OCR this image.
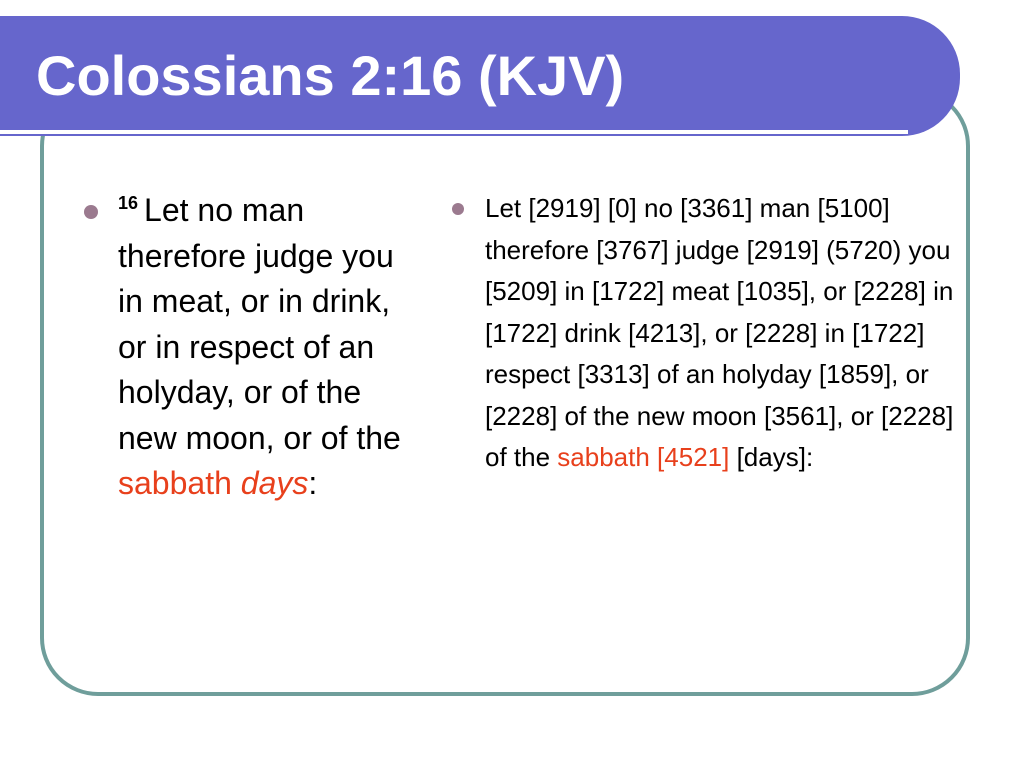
Colossians 2:16 (KJV)
$^{16}$ Let no man therefore judge you in meat, or in drink, or in respect of an holyday, or of the new moon, or of the sabbath days:
Let [2919] [0] no [3361] man [5100] therefore [3767] judge [2919] (5720) you [5209] in [1722] meat [1035], or [2228] in [1722] drink [4213], or [2228] in [1722] respect [3313] of an holyday [1859], or [2228] of the new moon [3561], or [2228] of the sabbath [4521] [days]:
